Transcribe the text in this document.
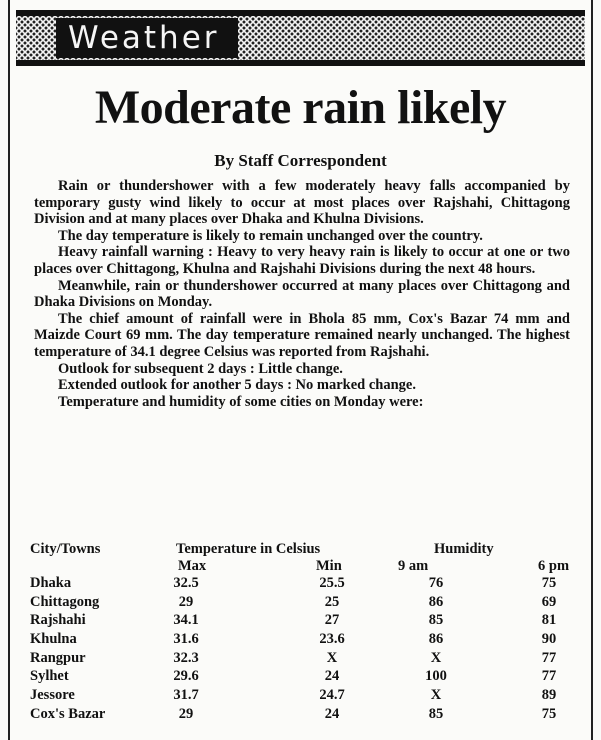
Weather
Moderate rain likely
By Staff Correspondent

Rain or thundershower with a few moderately heavy falls accompanied by temporary gusty wind likely to occur at most places over Rajshahi, Chittagong Division and at many places over Dhaka and Khulna Divisions.

The day temperature is likely to remain unchanged over the country.

Heavy rainfall warning : Heavy to very heavy rain is likely to occur at one or two places over Chittagong, Khulna and Rajshahi Divisions during the next 48 hours.

Meanwhile, rain or thundershower occurred at many places over Chittagong and Dhaka Divisions on Monday.

The chief amount of rainfall were in Bhola 85 mm, Cox's Bazar 74 mm and Maizde Court 69 mm. The day temperature remained nearly unchanged. The highest temperature of 34.1 degree Celsius was reported from Rajshahi.

Outlook for subsequent 2 days : Little change.

Extended outlook for another 5 days : No marked change.

Temperature and humidity of some cities on Monday were:

City/Towns	Temperature in Celsius	Humidity
Max	Min	9 am	6 pm
Dhaka	32.5	25.5	76	75
Chittagong	29	25	86	69
Rajshahi	34.1	27	85	81
Khulna	31.6	23.6	86	90
Rangpur	32.3	X	X	77
Sylhet	29.6	24	100	77
Jessore	31.7	24.7	X	89
Cox's Bazar	29	24	85	75
